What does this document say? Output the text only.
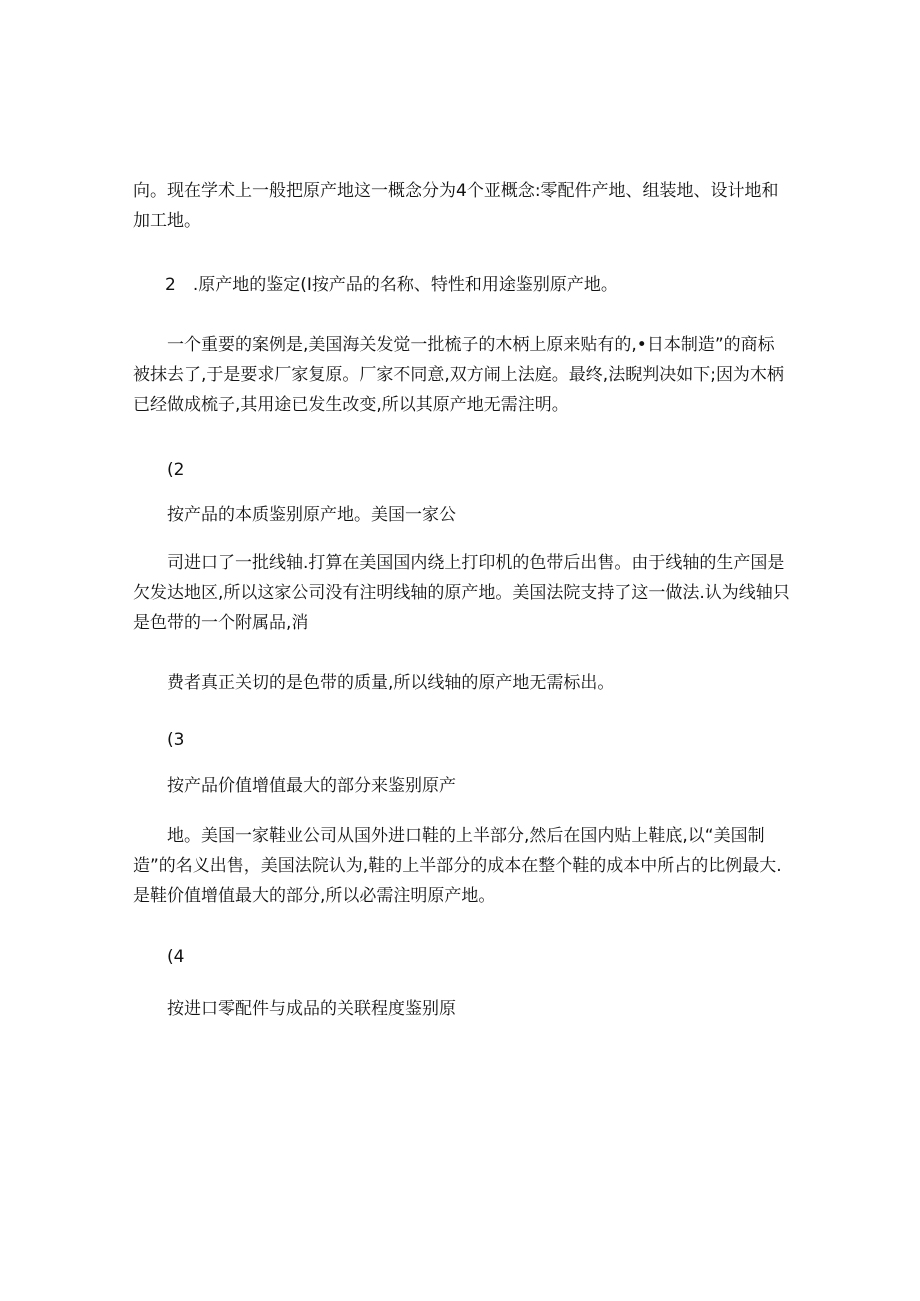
向。现在学术上一般把原产地这一概念分为4个亚概念:零配件产地、组装地、设计地和
加工地。
2　.原产地的鉴定(I按产品的名称、特性和用途鉴别原产地。
一个重要的案例是,美国海关发觉一批梳子的木柄上原来贴有的,•日本制造”的商标
被抹去了,于是要求厂家复原。厂家不同意,双方闹上法庭。最终,法睨判决如下;因为木柄
已经做成梳子,其用途已发生改变,所以其原产地无需注明。
(2
按产品的本质鉴别原产地。美国一家公
司进口了一批线轴.打算在美国国内绕上打印机的色带后出售。由于线轴的生产国是
欠发达地区,所以这家公司没有注明线轴的原产地。美国法院支持了这一做法.认为线轴只
是色带的一个附属品,消
费者真正关切的是色带的质量,所以线轴的原产地无需标出。
(3
按产品价值增值最大的部分来鉴别原产
地。美国一家鞋业公司从国外进口鞋的上半部分,然后在国内贴上鞋底,以“美国制
造”的名义出售，美国法院认为,鞋的上半部分的成本在整个鞋的成本中所占的比例最大.
是鞋价值增值最大的部分,所以必需注明原产地。
(4
按进口零配件与成品的关联程度鉴别原
